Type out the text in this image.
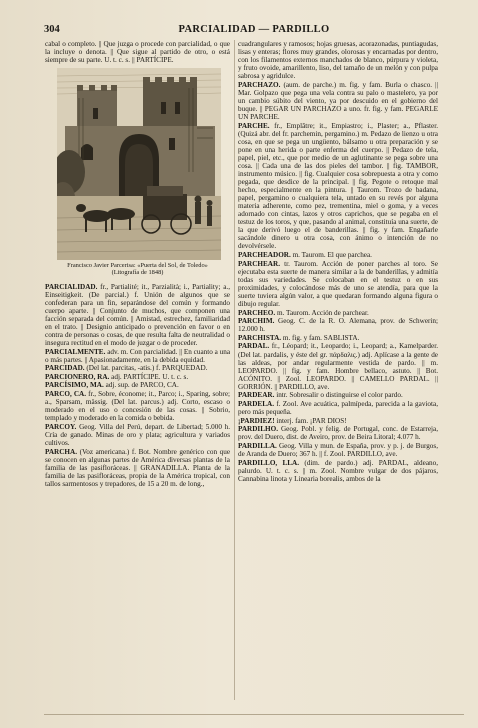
304	PARCIALIDAD — PARDILLO

cabal o completo. || Que juzga o procede con parcialidad, o que la incluye o denota. || Que sigue al partido de otro, o está siempre de su parte. U. t. c. s. || PARTÍCIPE.

Francisco Javier Parcerisa: «Puerta del Sol, de Toledo»
(Litografía de 1848)

PARCIALIDAD. fr., Partialité; it., Parzialità; i., Partiality; a., Einseitigkeit. (De parcial.) f. Unión de algunos que se confederan para un fin, separándose del común y formando cuerpo aparte. || Conjunto de muchos, que componen una facción separada del común. || Amistad, estrechez, familiaridad en el trato. || Designio anticipado o prevención en favor o en contra de personas o cosas, de que resulta falta de neutralidad o insegura rectitud en el modo de juzgar o de proceder.

PARCIALMENTE. adv. m. Con parcialidad. || En cuanto a una o más partes. || Apasionadamente, en la debida equidad.

PARCIDAD. (Del lat. parcitas, -atis.) f. PARQUEDAD.

PARCIONERO, RA. adj. PARTÍCIPE. U. t. c. s.

PARCÍSIMO, MA. adj. sup. de PARCO, CA.

PARCO, CA. fr., Sobre, économe; it., Parco; i., Sparing, sobre; a., Sparsam, mässig. (Del lat. parcus.) adj. Corto, escaso o moderado en el uso o concesión de las cosas. || Sobrio, templado y moderado en la comida o bebida.

PARCOY. Geog. Villa del Perú, depart. de Libertad; 5.000 h. Cría de ganado. Minas de oro y plata; agricultura y variados cultivos.

PARCHA. (Voz americana.) f. Bot. Nombre genérico con que se conocen en algunas partes de América diversas plantas de la familia de las pasifloráceas. || GRANADILLA. Planta de la familia de las pasifloráceas, propia de la América tropical, con tallos sarmentosos y trepadores, de 15 a 20 m. de long.,

cuadrangulares y ramosos; hojas gruesas, acorazonadas, puntiagudas, lisas y enteras; flores muy grandes, olorosas y encarnadas por dentro, con los filamentos externos manchados de blanco, púrpura y violeta, y fruto ovoide, amarillento, liso, del tamaño de un melón y con pulpa sabrosa y agridulce.

PARCHAZO. (aum. de parche.) m. fig. y fam. Burla o chasco. || Mar. Golpazo que pega una vela contra su palo o mastelero, ya por un cambio súbito del viento, ya por descuido en el gobierno del buque. || PEGAR UN PARCHAZO a uno. fr. fig. y fam. PEGARLE UN PARCHE.

PARCHE. fr., Emplâtre; it., Empiastro; i., Plaster; a., Pflaster. (Quizá abr. del fr. parchemin, pergamino.) m. Pedazo de lienzo u otra cosa, en que se pega un ungüento, bálsamo u otra preparación y se pone en una herida o parte enferma del cuerpo. || Pedazo de tela, papel, piel, etc., que por medio de un aglutinante se pega sobre una cosa. || Cada una de las dos pieles del tambor. || fig. TAMBOR, instrumento músico. || fig. Cualquier cosa sobrepuesta a otra y como pegada, que desdice de la principal. || fig. Pegote o retoque mal hecho, especialmente en la pintura. || Taurom. Trozo de badana, papel, pergamino o cualquiera tela, untado en su revés por alguna materia adherente, como pez, trementina, miel o goma, y a veces adornado con cintas, lazos y otros caprichos, que se pegaba en el testuz de los toros, y que, pasando al animal, constituía una suerte, de la que derivó luego el de banderillas. || fig. y fam. Engañarle sacándole dinero u otra cosa, con ánimo o intención de no devolvérsele.

PARCHEADOR. m. Taurom. El que parchea.

PARCHEAR. tr. Taurom. Acción de poner parches al toro. Se ejecutaba esta suerte de manera similar a la de banderillas, y admitía todas sus variedades. Se colocaban en el testuz o en sus proximidades, y colocándose más de uno se atendía, para que la suerte tuviera algún valor, a que quedaran formando alguna figura o dibujo regular.

PARCHEO. m. Taurom. Acción de parchear.

PARCHIM. Geog. C. de la R. O. Alemana, prov. de Schwerin; 12.000 h.

PARCHISTA. m. fig. y fam. SABLISTA.

PARDAL. fr., Léopard; it., Leopardo; i., Leopard; a., Kamelparder. (Del lat. pardalis, y éste del gr. πάρδαλις.) adj. Aplícase a la gente de las aldeas, por andar regularmente vestida de pardo. || m. LEOPARDO. || fig. y fam. Hombre bellaco, astuto. || Bot. ACÓNITO. || Zool. LEOPARDO. || CAMELLO PARDAL. || GORRIÓN. || PARDILLO, ave.

PARDEAR. intr. Sobresalir o distinguirse el color pardo.

PARDELA. f. Zool. Ave acuática, palmípeda, parecida a la gaviota, pero más pequeña.

¡PARDIEZ! interj. fam. ¡PAR DIOS!

PARDILHO. Geog. Pobl. y felig. de Portugal, conc. de Estarreja, prov. del Duero, dist. de Aveiro, prov. de Beira Litoral; 4.077 h.

PARDILLA. Geog. Villa y mun. de España, prov. y p. j. de Burgos, de Aranda de Duero; 367 h. || f. Zool. PARDILLO, ave.

PARDILLO, LLA. (dim. de pardo.) adj. PARDAL, aldeano, palurdo. U. t. c. s. || m. Zool. Nombre vulgar de dos pájaros, Cannabina linota y Linearia borealis, ambos de la
